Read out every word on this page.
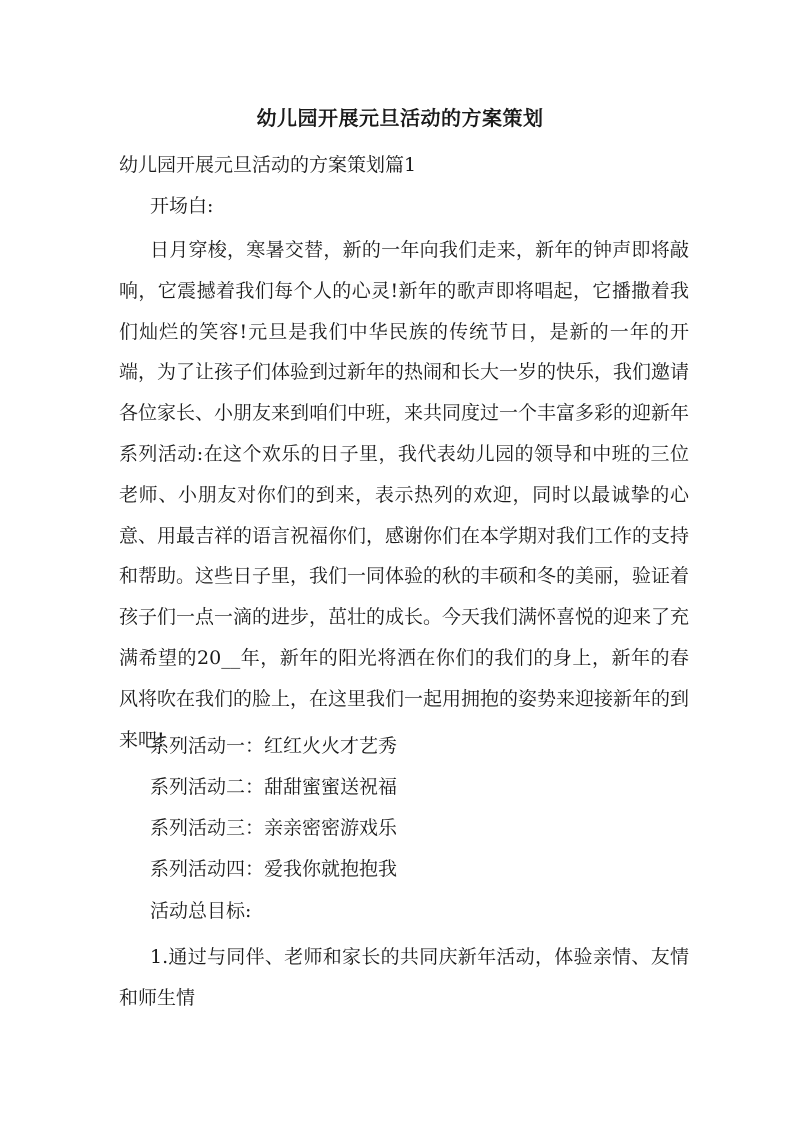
幼儿园开展元旦活动的方案策划
幼儿园开展元旦活动的方案策划篇1

开场白:

日月穿梭，寒暑交替，新的一年向我们走来，新年的钟声即将敲响，它震撼着我们每个人的心灵!新年的歌声即将唱起，它播撒着我们灿烂的笑容!元旦是我们中华民族的传统节日，是新的一年的开端，为了让孩子们体验到过新年的热闹和长大一岁的快乐，我们邀请各位家长、小朋友来到咱们中班，来共同度过一个丰富多彩的迎新年系列活动:在这个欢乐的日子里，我代表幼儿园的领导和中班的三位老师、小朋友对你们的到来，表示热列的欢迎，同时以最诚挚的心意、用最吉祥的语言祝福你们，感谢你们在本学期对我们工作的支持和帮助。这些日子里，我们一同体验的秋的丰硕和冬的美丽，验证着孩子们一点一滴的进步，茁壮的成长。今天我们满怀喜悦的迎来了充满希望的20__年，新年的阳光将洒在你们的我们的身上，新年的春风将吹在我们的脸上，在这里我们一起用拥抱的姿势来迎接新年的到来吧!

系列活动一：红红火火才艺秀
系列活动二：甜甜蜜蜜送祝福
系列活动三：亲亲密密游戏乐
系列活动四：爱我你就抱抱我

活动总目标:

1.通过与同伴、老师和家长的共同庆新年活动，体验亲情、友情和师生情
